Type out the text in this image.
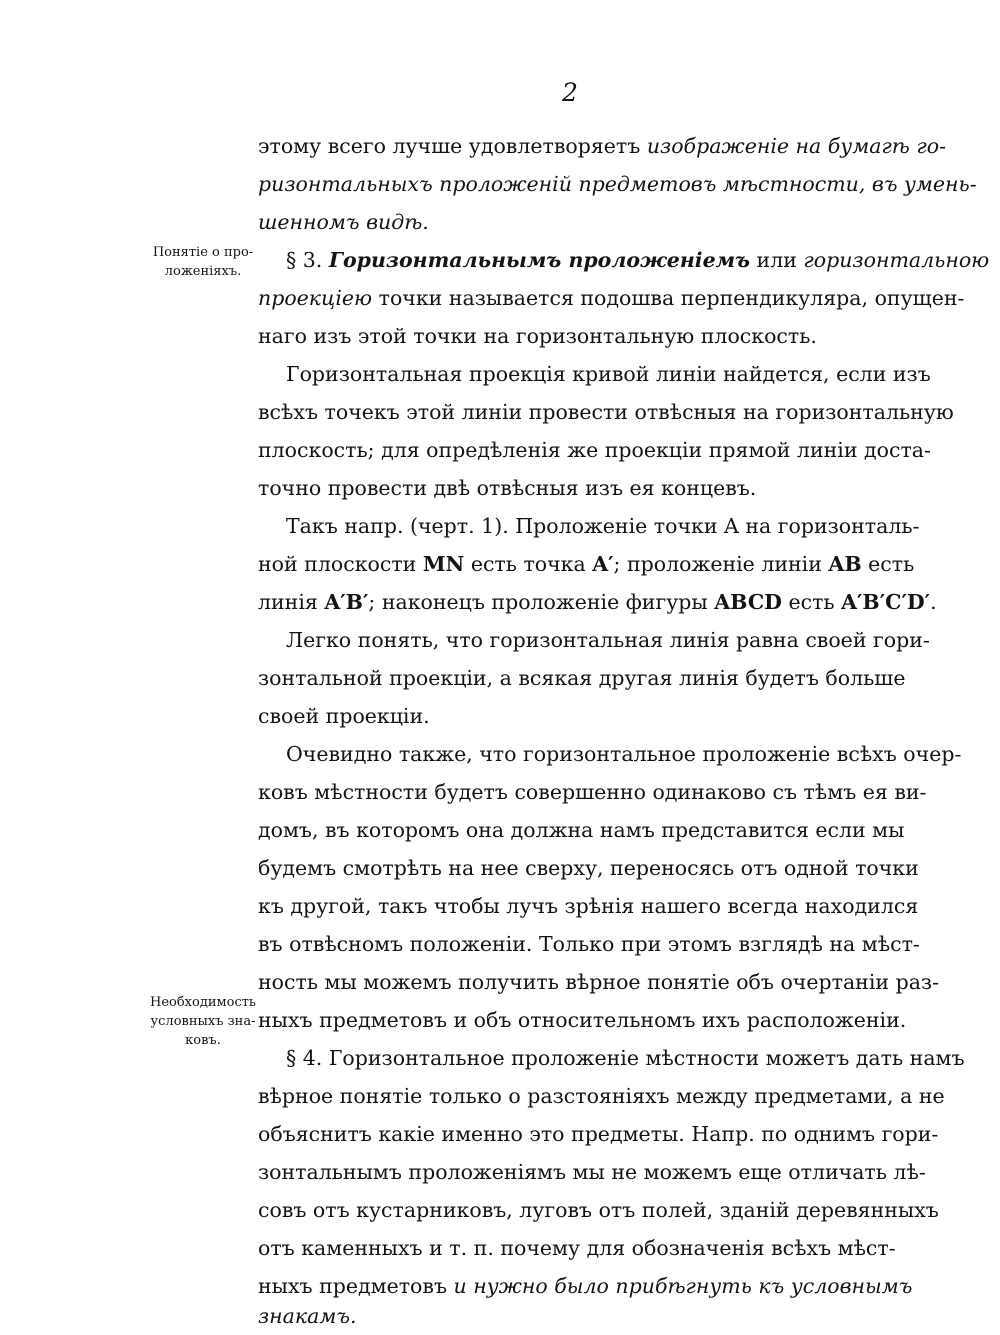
2
Понятіе о про-
ложеніяхъ.
Необходимость
условныхъ зна-
ковъ.
этому всего лучше удовлетворяетъ изображеніе на бумагѣ го-
ризонтальныхъ проложеній предметовъ мѣстности, въ умень-
шенномъ видѣ.
§ 3. Горизонтальнымъ проложеніемъ или горизонтальною
проекціею точки называется подошва перпендикуляра, опущен-
наго изъ этой точки на горизонтальную плоскость.
Горизонтальная проекція кривой линіи найдется, если изъ
всѣхъ точекъ этой линіи провести отвѣсныя на горизонтальную
плоскость; для опредѣленія же проекціи прямой линіи доста-
точно провести двѣ отвѣсныя изъ ея концевъ.
Такъ напр. (черт. 1). Проложеніе точки A на горизонталь-
ной плоскости MN есть точка A′; проложеніе линіи AB есть
линія A′B′; наконецъ проложеніе фигуры ABCD есть A′B′C′D′.
Легко понять, что горизонтальная линія равна своей гори-
зонтальной проекціи, а всякая другая линія будетъ больше
своей проекціи.
Очевидно также, что горизонтальное проложеніе всѣхъ очер-
ковъ мѣстности будетъ совершенно одинаково съ тѣмъ ея ви-
домъ, въ которомъ она должна намъ представится если мы
будемъ смотрѣть на нее сверху, переносясь отъ одной точки
къ другой, такъ чтобы лучъ зрѣнія нашего всегда находился
въ отвѣсномъ положеніи. Только при этомъ взглядѣ на мѣст-
ность мы можемъ получить вѣрное понятіе объ очертаніи раз-
ныхъ предметовъ и объ относительномъ ихъ расположеніи.
§ 4. Горизонтальное проложеніе мѣстности можетъ дать намъ
вѣрное понятіе только о разстояніяхъ между предметами, а не
объяснитъ какіе именно это предметы. Напр. по однимъ гори-
зонтальнымъ проложеніямъ мы не можемъ еще отличать лѣ-
совъ отъ кустарниковъ, луговъ отъ полей, зданій деревянныхъ
отъ каменныхъ и т. п. почему для обозначенія всѣхъ мѣст-
ныхъ предметовъ и нужно было прибѣгнуть къ условнымъ
знакамъ.
